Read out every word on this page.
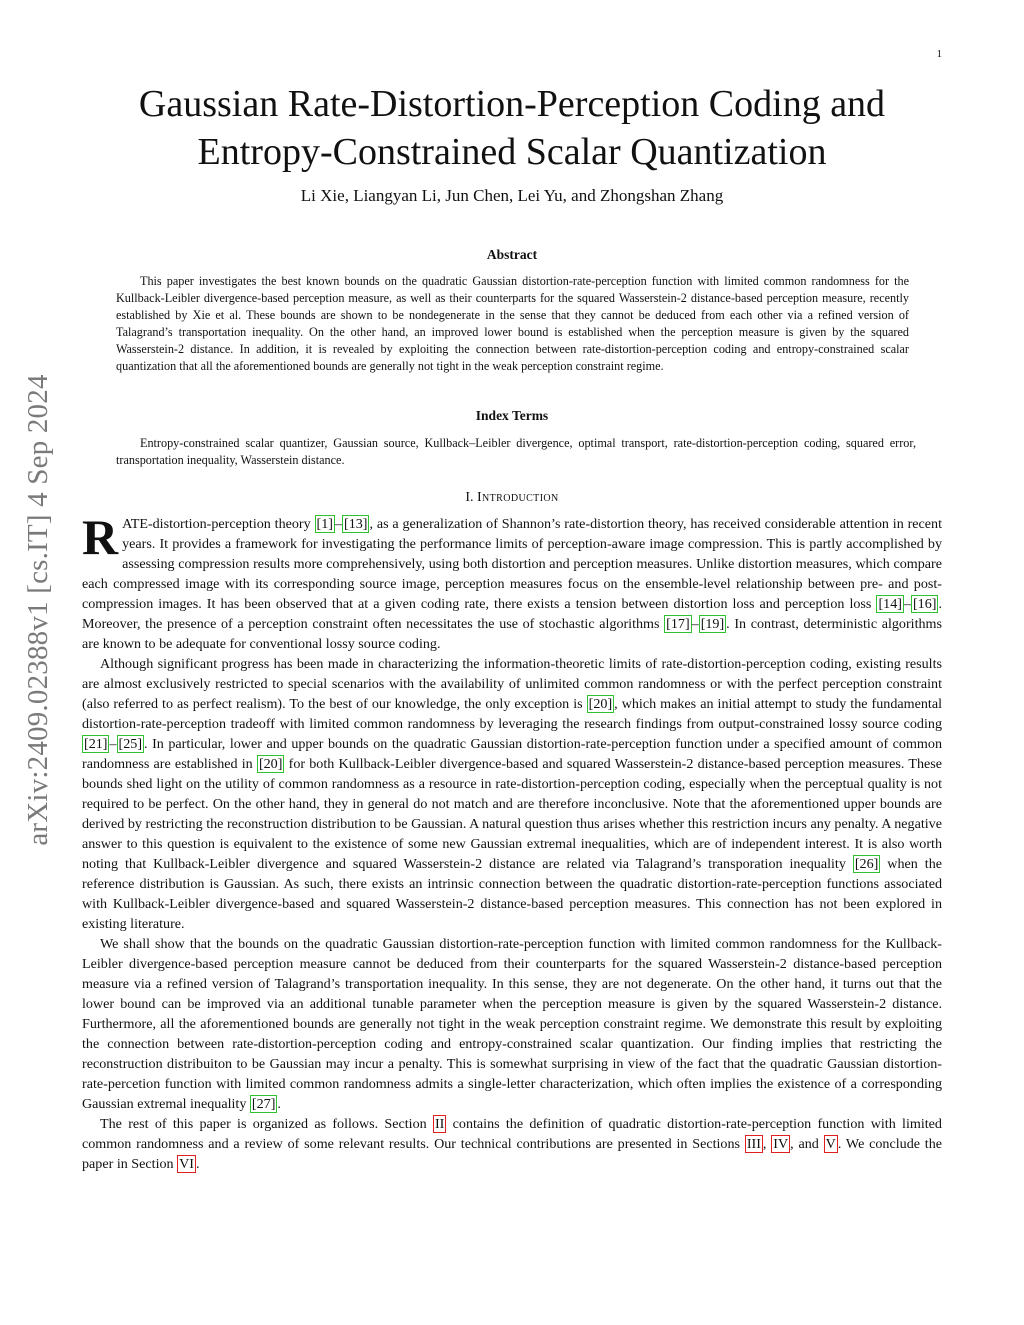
1
arXiv:2409.02388v1 [cs.IT] 4 Sep 2024
Gaussian Rate-Distortion-Perception Coding and
Entropy-Constrained Scalar Quantization

Li Xie, Liangyan Li, Jun Chen, Lei Yu, and Zhongshan Zhang

Abstract

This paper investigates the best known bounds on the quadratic Gaussian distortion-rate-perception function with limited common randomness for the Kullback-Leibler divergence-based perception measure, as well as their counterparts for the squared Wasserstein-2 distance-based perception measure, recently established by Xie et al. These bounds are shown to be nondegenerate in the sense that they cannot be deduced from each other via a refined version of Talagrand’s transportation inequality. On the other hand, an improved lower bound is established when the perception measure is given by the squared Wasserstein-2 distance. In addition, it is revealed by exploiting the connection between rate-distortion-perception coding and entropy-constrained scalar quantization that all the aforementioned bounds are generally not tight in the weak perception constraint regime.

Index Terms

Entropy-constrained scalar quantizer, Gaussian source, Kullback–Leibler divergence, optimal transport, rate-distortion-perception coding, squared error, transportation inequality, Wasserstein distance.

I. Introduction

RATE-distortion-perception theory [1] – [13] , as a generalization of Shannon’s rate-distortion theory, has received considerable attention in recent years. It provides a framework for investigating the performance limits of perception-aware image compression. This is partly accomplished by assessing compression results more comprehensively, using both distortion and perception measures. Unlike distortion measures, which compare each compressed image with its corresponding source image, perception measures focus on the ensemble-level relationship between pre- and post-compression images. It has been observed that at a given coding rate, there exists a tension between distortion loss and perception loss [14] – [16] . Moreover, the presence of a perception constraint often necessitates the use of stochastic algorithms [17] – [19] . In contrast, deterministic algorithms are known to be adequate for conventional lossy source coding.

Although significant progress has been made in characterizing the information-theoretic limits of rate-distortion-perception coding, existing results are almost exclusively restricted to special scenarios with the availability of unlimited common randomness or with the perfect perception constraint (also referred to as perfect realism). To the best of our knowledge, the only exception is [20] , which makes an initial attempt to study the fundamental distortion-rate-perception tradeoff with limited common randomness by leveraging the research findings from output-constrained lossy source coding [21] – [25] . In particular, lower and upper bounds on the quadratic Gaussian distortion-rate-perception function under a specified amount of common randomness are established in [20] for both Kullback-Leibler divergence-based and squared Wasserstein-2 distance-based perception measures. These bounds shed light on the utility of common randomness as a resource in rate-distortion-perception coding, especially when the perceptual quality is not required to be perfect. On the other hand, they in general do not match and are therefore inconclusive. Note that the aforementioned upper bounds are derived by restricting the reconstruction distribution to be Gaussian. A natural question thus arises whether this restriction incurs any penalty. A negative answer to this question is equivalent to the existence of some new Gaussian extremal inequalities, which are of independent interest. It is also worth noting that Kullback-Leibler divergence and squared Wasserstein-2 distance are related via Talagrand’s transporation inequality [26] when the reference distribution is Gaussian. As such, there exists an intrinsic connection between the quadratic distortion-rate-perception functions associated with Kullback-Leibler divergence-based and squared Wasserstein-2 distance-based perception measures. This connection has not been explored in existing literature.

We shall show that the bounds on the quadratic Gaussian distortion-rate-perception function with limited common randomness for the Kullback-Leibler divergence-based perception measure cannot be deduced from their counterparts for the squared Wasserstein-2 distance-based perception measure via a refined version of Talagrand’s transportation inequality. In this sense, they are not degenerate. On the other hand, it turns out that the lower bound can be improved via an additional tunable parameter when the perception measure is given by the squared Wasserstein-2 distance. Furthermore, all the aforementioned bounds are generally not tight in the weak perception constraint regime. We demonstrate this result by exploiting the connection between rate-distortion-perception coding and entropy-constrained scalar quantization. Our finding implies that restricting the reconstruction distribuiton to be Gaussian may incur a penalty. This is somewhat surprising in view of the fact that the quadratic Gaussian distortion-rate-percetion function with limited common randomness admits a single-letter characterization, which often implies the existence of a corresponding Gaussian extremal inequality [27] .

The rest of this paper is organized as follows. Section II contains the definition of quadratic distortion-rate-perception function with limited common randomness and a review of some relevant results. Our technical contributions are presented in Sections III , IV , and V . We conclude the paper in Section VI .
